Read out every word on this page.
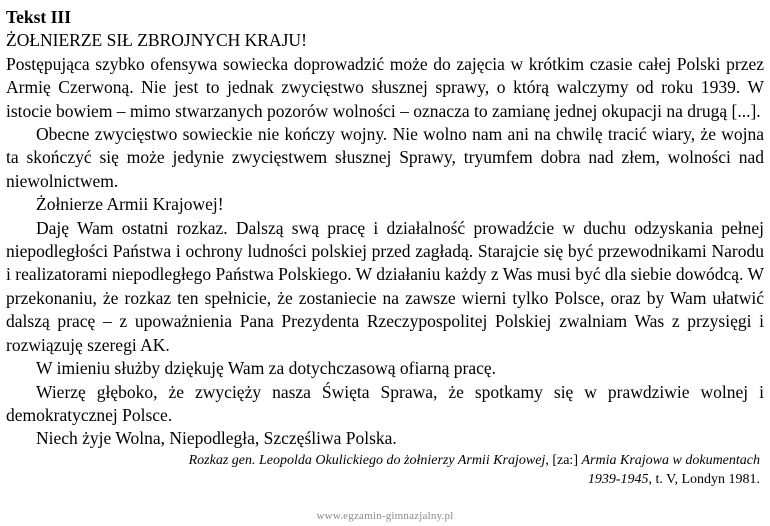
Tekst III
ŻOŁNIERZE SIŁ ZBROJNYCH KRAJU!

Postępująca szybko ofensywa sowiecka doprowadzić może do zajęcia w krótkim czasie całej Polski przez Armię Czerwoną. Nie jest to jednak zwycięstwo słusznej sprawy, o którą walczymy od roku 1939. W istocie bowiem – mimo stwarzanych pozorów wolności – oznacza to zamianę jednej okupacji na drugą [...].

Obecne zwycięstwo sowieckie nie kończy wojny. Nie wolno nam ani na chwilę tracić wiary, że wojna ta skończyć się może jedynie zwycięstwem słusznej Sprawy, tryumfem dobra nad złem, wolności nad niewolnictwem.

Żołnierze Armii Krajowej!

Daję Wam ostatni rozkaz. Dalszą swą pracę i działalność prowadźcie w duchu odzyskania pełnej niepodległości Państwa i ochrony ludności polskiej przed zagładą. Starajcie się być przewodnikami Narodu i realizatorami niepodległego Państwa Polskiego. W działaniu każdy z Was musi być dla siebie dowódcą. W przekonaniu, że rozkaz ten spełnicie, że zostaniecie na zawsze wierni tylko Polsce, oraz by Wam ułatwić dalszą pracę – z upoważnienia Pana Prezydenta Rzeczypospolitej Polskiej zwalniam Was z przysięgi i rozwiązuję szeregi AK.

W imieniu służby dziękuję Wam za dotychczasową ofiarną pracę.

Wierzę głęboko, że zwycięży nasza Święta Sprawa, że spotkamy się w prawdziwie wolnej i demokratycznej Polsce.

Niech żyje Wolna, Niepodległa, Szczęśliwa Polska.

Rozkaz gen. Leopolda Okulickiego do żołnierzy Armii Krajowej, [za:] Armia Krajowa w dokumentach
1939-1945, t. V, Londyn 1981.
www.egzamin-gimnazjalny.pl
